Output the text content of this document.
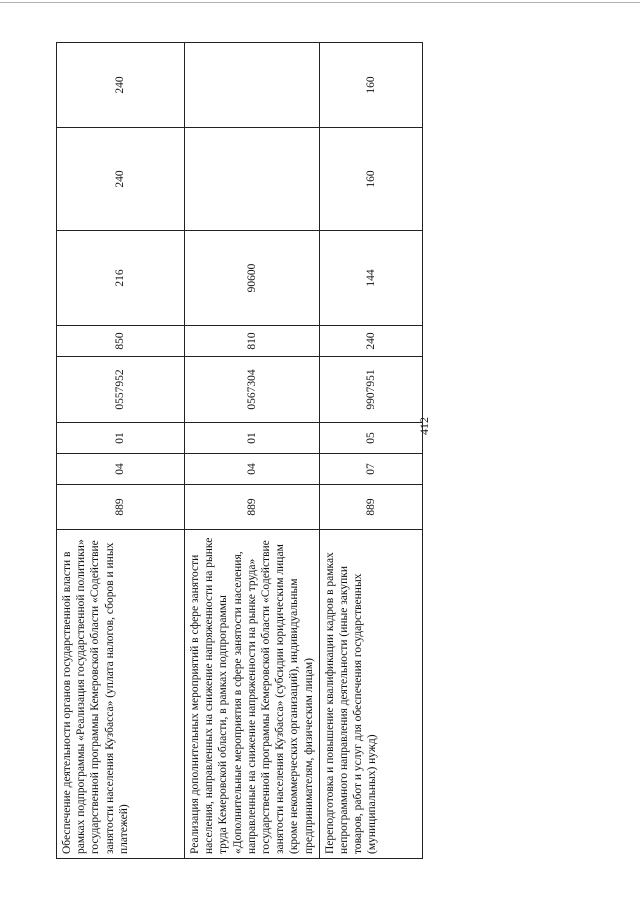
412
Обеспечение деятельности органов государственной власти в рамках подпрограммы «Реализация государственной политики» государственной программы Кемеровской области «Содействие занятости населения Кузбасса» (уплата налогов, сборов и иных платежей)	889	04	01	0557952	850	216	240	240
Реализация дополнительных мероприятий в сфере занятости населения, направленных на снижение напряженности на рынке труда Кемеровской области, в рамках подпрограммы «Дополнительные мероприятия в сфере занятости населения, направленные на снижение напряженности на рынке труда» государственной программы Кемеровской области «Содействие занятости населения Кузбасса» (субсидии юридическим лицам (кроме некоммерческих организаций), индивидуальным предпринимателям, физическим лицам)	889	04	01	0567304	810	90600		
Переподготовка и повышение квалификации кадров в рамках непрограммного направления деятельности (иные закупки товаров, работ и услуг для обеспечения государственных (муниципальных) нужд)	889	07	05	9907951	240	144	160	160
